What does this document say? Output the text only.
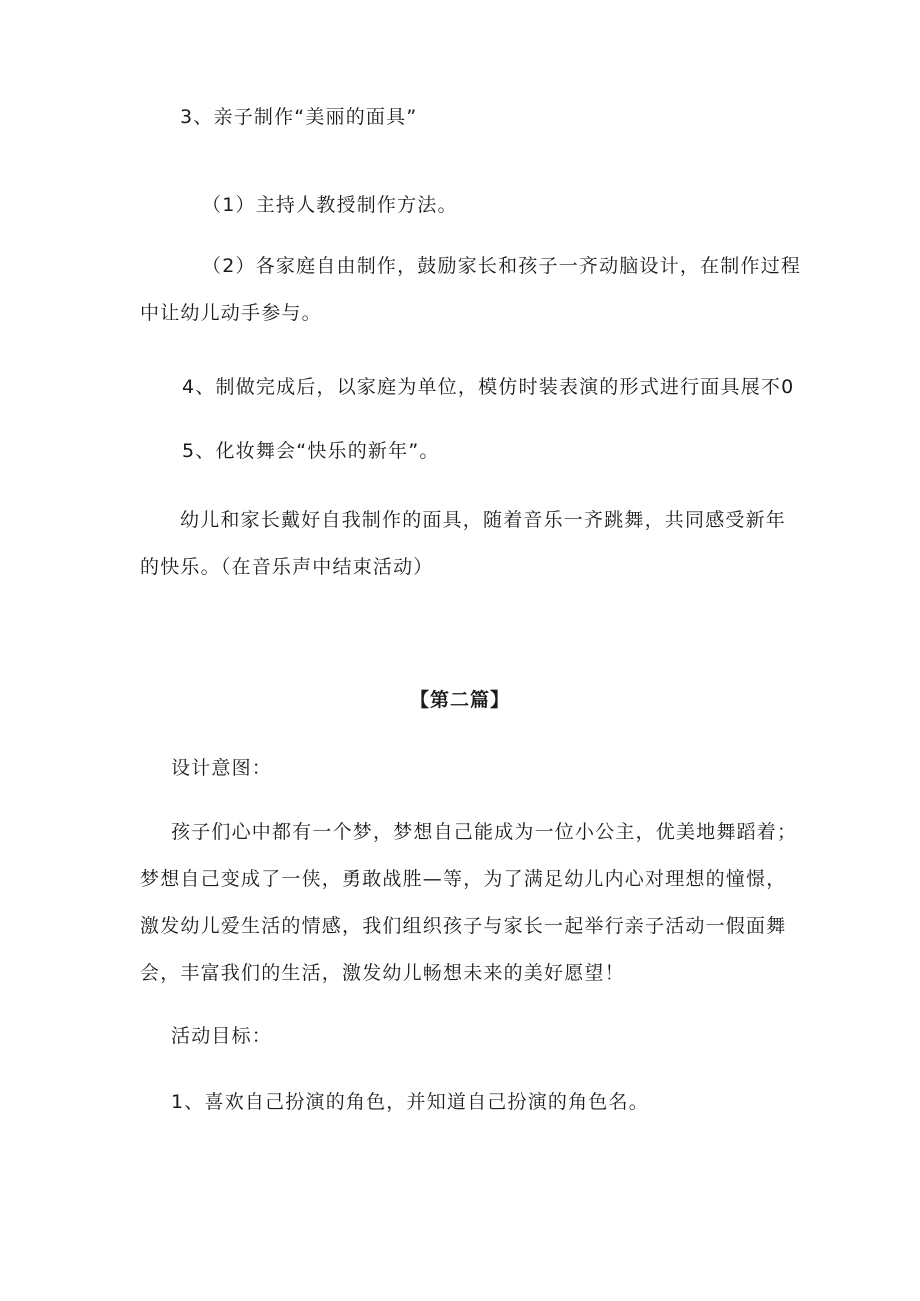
3、亲子制作“美丽的面具”

（1）主持人教授制作方法。

（2）各家庭自由制作，鼓励家长和孩子一齐动脑设计，在制作过程
中让幼儿动手参与。

4、制做完成后，以家庭为单位，模仿时装表演的形式进行面具展不0

5、化妆舞会“快乐的新年”。

幼儿和家长戴好自我制作的面具，随着音乐一齐跳舞，共同感受新年
的快乐。（在音乐声中结束活动）

【第二篇】

设计意图：

孩子们心中都有一个梦，梦想自己能成为一位小公主，优美地舞蹈着；
梦想自己变成了一侠，勇敢战胜—等，为了满足幼儿内心对理想的憧憬，
激发幼儿爱生活的情感，我们组织孩子与家长一起举行亲子活动一假面舞
会，丰富我们的生活，激发幼儿畅想未来的美好愿望！

活动目标：

1、喜欢自己扮演的角色，并知道自己扮演的角色名。
